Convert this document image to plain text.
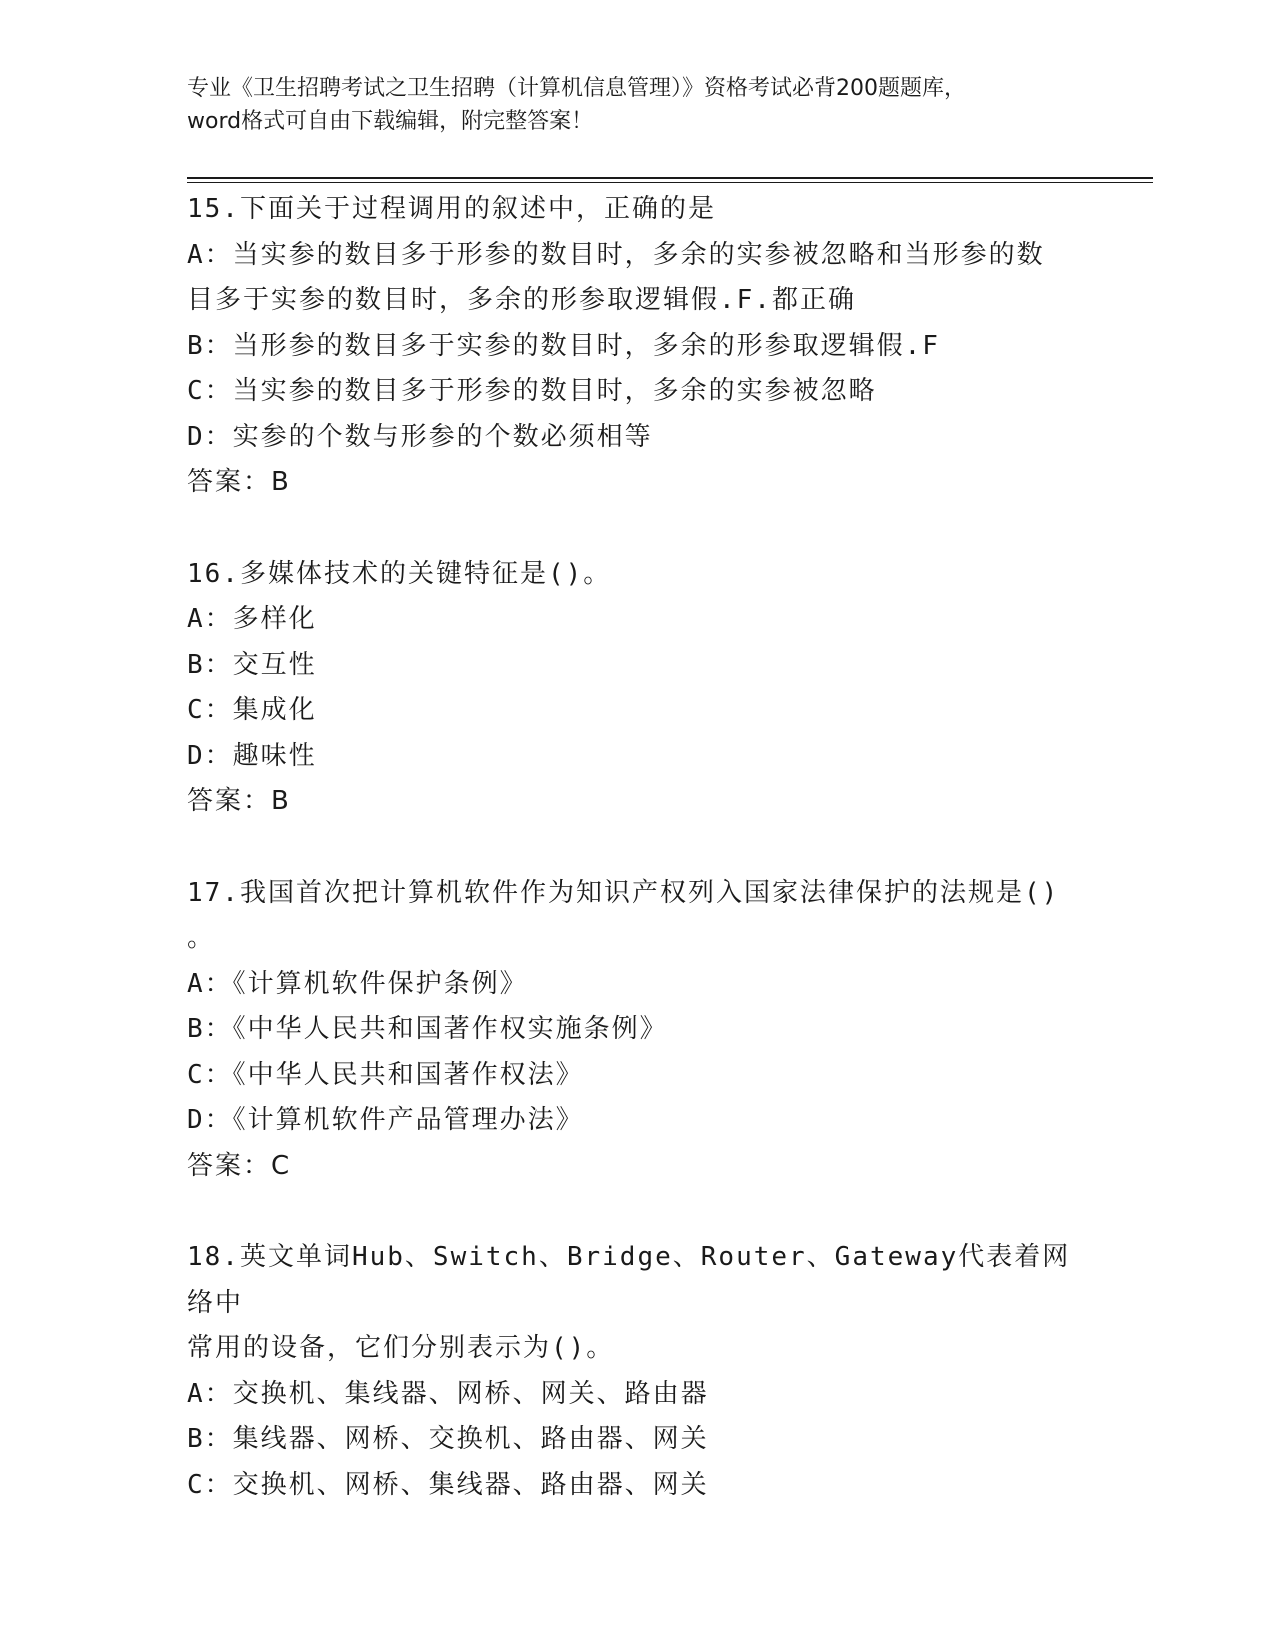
专业《卫生招聘考试之卫生招聘（计算机信息管理）》资格考试必背200题题库，
word格式可自由下载编辑，附完整答案！
15.下面关于过程调用的叙述中，正确的是
A：当实参的数目多于形参的数目时，多余的实参被忽略和当形参的数
目多于实参的数目时，多余的形参取逻辑假.F.都正确
B：当形参的数目多于实参的数目时，多余的形参取逻辑假.F
C：当实参的数目多于形参的数目时，多余的实参被忽略
D：实参的个数与形参的个数必须相等
答案：B
16.多媒体技术的关键特征是()。
A：多样化
B：交互性
C：集成化
D：趣味性
答案：B
17.我国首次把计算机软件作为知识产权列入国家法律保护的法规是()
。
A：《计算机软件保护条例》
B：《中华人民共和国著作权实施条例》
C：《中华人民共和国著作权法》
D：《计算机软件产品管理办法》
答案：C
18.英文单词Hub、Switch、Bridge、Router、Gateway代表着网络中
常用的设备，它们分别表示为()。
A：交换机、集线器、网桥、网关、路由器
B：集线器、网桥、交换机、路由器、网关
C：交换机、网桥、集线器、路由器、网关
